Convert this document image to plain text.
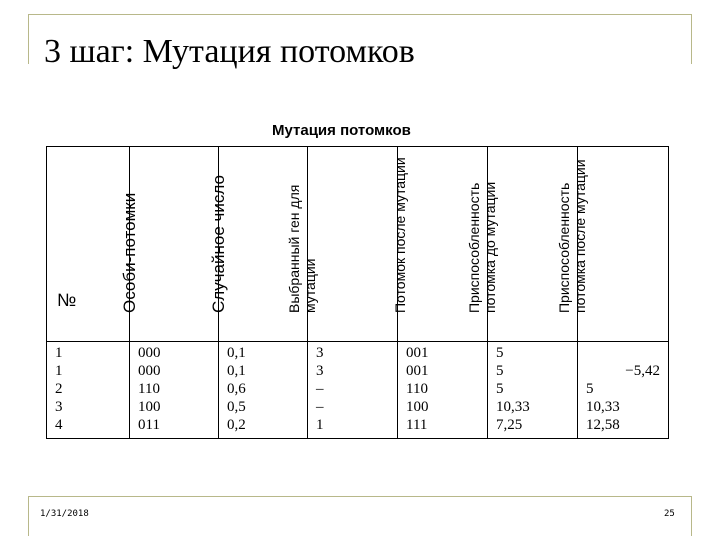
3 шаг: Мутация потомков
Мутация потомков
№	Особи-потомки	Случайное число	Выбранный ген для мутации	Потомок после мутации	Приспособленность потомка до мутации	Приспособленность потомка после мутации

1	000	0,1	3	001	5	
1	000	0,1	3	001	5	−5,42
2	110	0,6	–	110	5	5
3	100	0,5	–	100	10,33	10,33
4	011	0,2	1	111	7,25	12,58
1/31/2018	25
